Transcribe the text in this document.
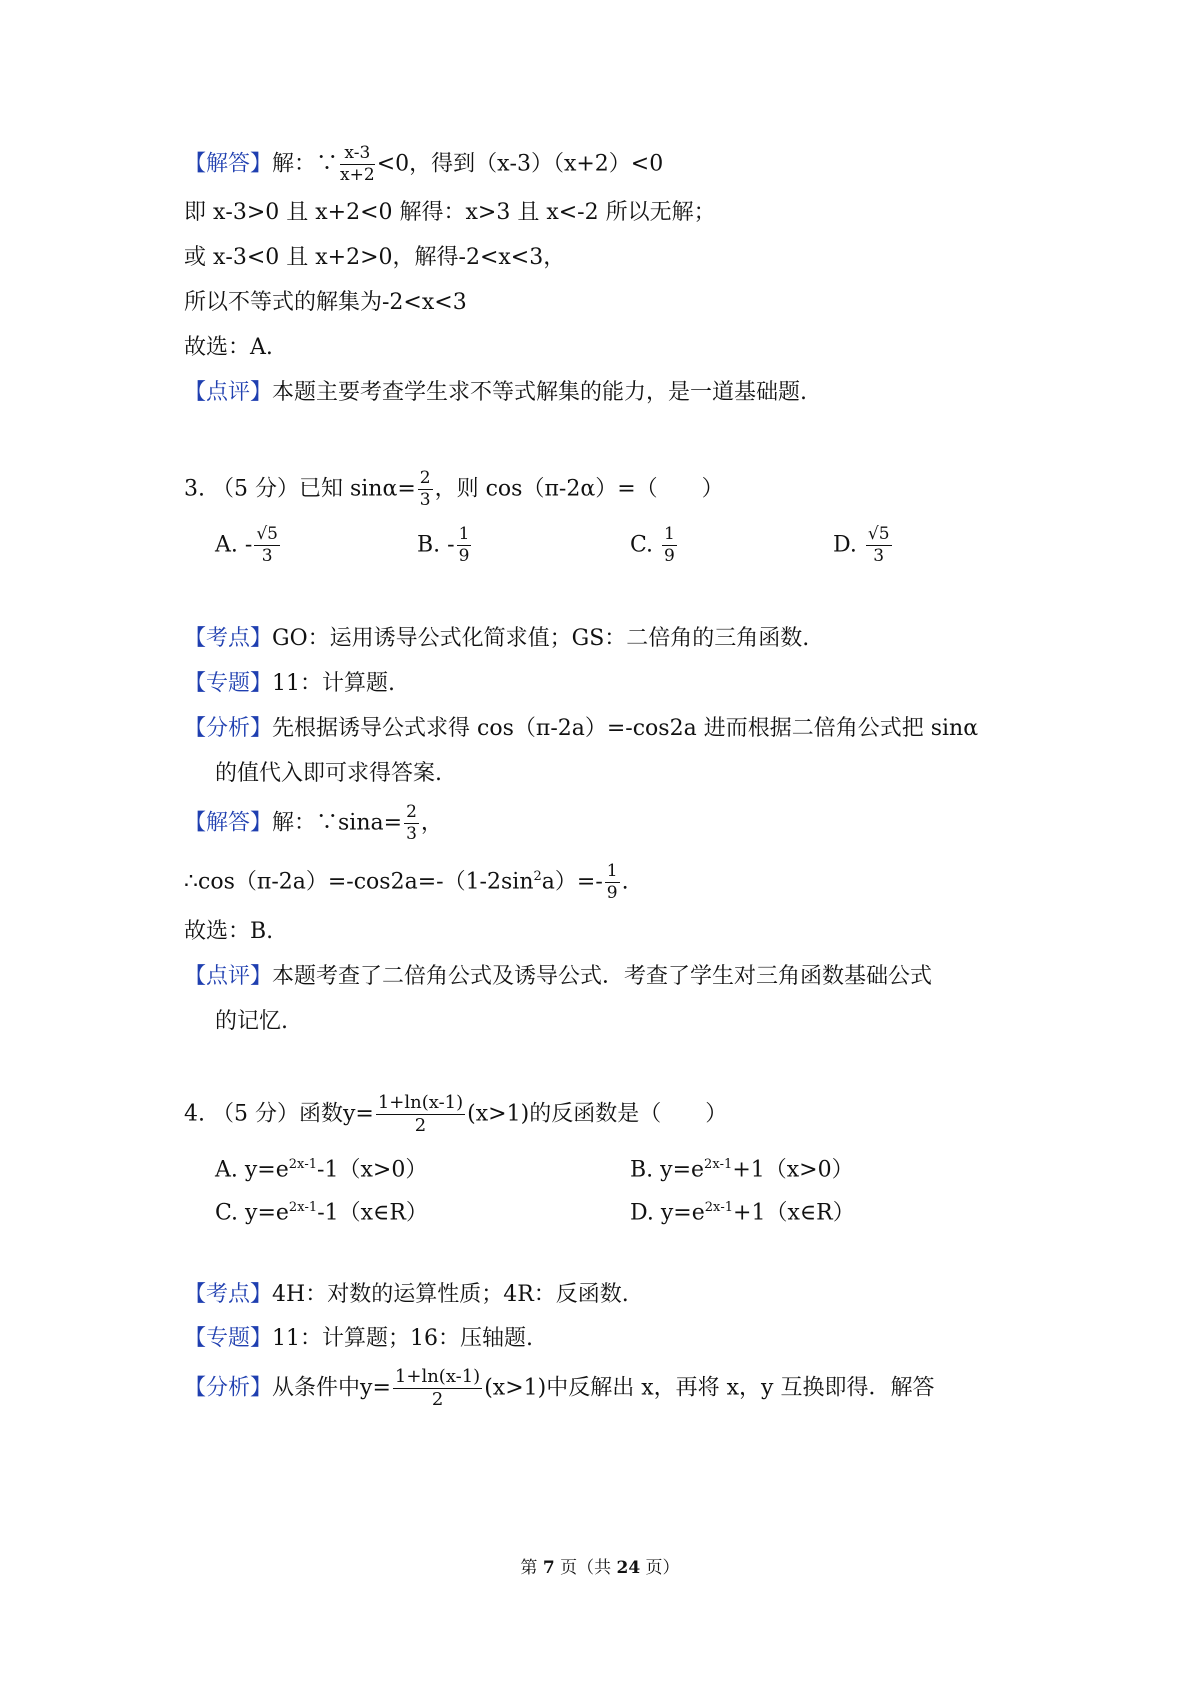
【解答】解：∵ $\frac{x-3}{x+2} <0$，得到（x‐3）（x+2）<0
即 x‐3>0 且 x+2<0 解得：x>3 且 x<‐2 所以无解；
或 x‐3<0 且 x+2>0，解得‐2<x<3，
所以不等式的解集为‐2<x<3
故选：A.
【点评】本题主要考查学生求不等式解集的能力，是一道基础题.
3. （5 分）已知 $\sin\alpha= \frac{2}{3}$ ，则 cos（π‐2α）=（　　）
A. ‐ $\frac{√5}{3}$	B. ‐ $\frac{1}{9}$	C. $\frac{1}{9}$	D. $\frac{√5}{3}$
【考点】GO：运用诱导公式化简求值；GS：二倍角的三角函数.
【专题】11：计算题.
【分析】先根据诱导公式求得 cos（π‐2a）=‐cos2a 进而根据二倍角公式把 sinα
的值代入即可求得答案.
【解答】解：∵sina= $\frac{2}{3}$ ，
$\therefore\cos(\pi‐2a)=‐\cos 2a=‐(1‐2\sin^2a)=‐ \frac{1}{9}$ .
故选：B.
【点评】本题考查了二倍角公式及诱导公式．考查了学生对三角函数基础公式
的记忆.
4. （5 分）函数$y= \frac{1+\ln(x-1)}{2} (x>1)$的反函数是（　　）
A. $y=e^{2x‐1}‐1(x>0)$	B. $y=e^{2x‐1}+1(x>0)$
C. $y=e^{2x‐1}‐1(x\in R)$	D. $y=e^{2x‐1}+1(x\in R)$
【考点】4H：对数的运算性质；4R：反函数.
【专题】11：计算题；16：压轴题.
【分析】从条件中$y= \frac{1+\ln(x-1)}{2} (x>1)$中反解出 x，再将 x，y 互换即得．解答
第 7 页（共 24 页）
